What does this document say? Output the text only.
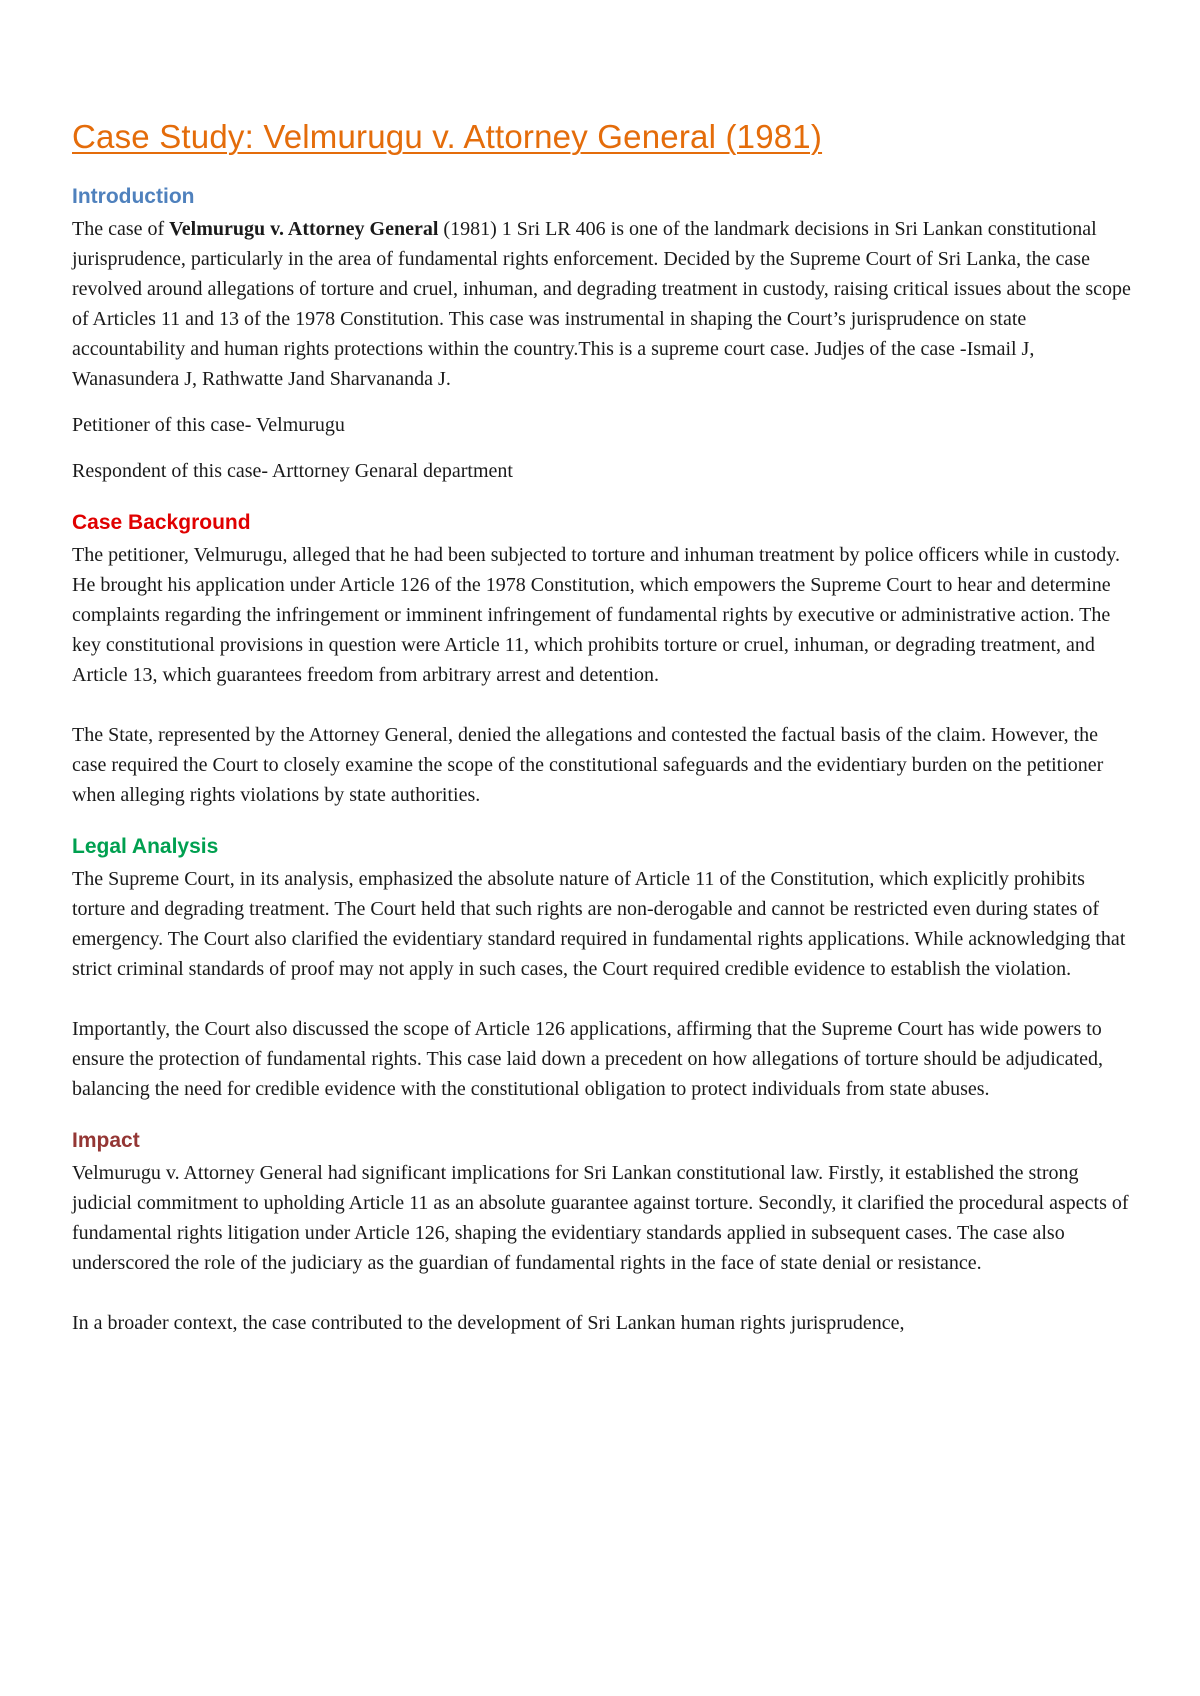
Case Study: Velmurugu v. Attorney General (1981)
Introduction

The case of Velmurugu v. Attorney General (1981) 1 Sri LR 406 is one of the landmark decisions in Sri Lankan constitutional jurisprudence, particularly in the area of fundamental rights enforcement. Decided by the Supreme Court of Sri Lanka, the case revolved around allegations of torture and cruel, inhuman, and degrading treatment in custody, raising critical issues about the scope of Articles 11 and 13 of the 1978 Constitution. This case was instrumental in shaping the Court’s jurisprudence on state accountability and human rights protections within the country.This is a supreme court case. Judjes of the case -Ismail J, Wanasundera J, Rathwatte Jand Sharvananda J.

Petitioner of this case- Velmurugu

Respondent of this case- Arttorney Genaral department

Case Background

The petitioner, Velmurugu, alleged that he had been subjected to torture and inhuman treatment by police officers while in custody. He brought his application under Article 126 of the 1978 Constitution, which empowers the Supreme Court to hear and determine complaints regarding the infringement or imminent infringement of fundamental rights by executive or administrative action. The key constitutional provisions in question were Article 11, which prohibits torture or cruel, inhuman, or degrading treatment, and Article 13, which guarantees freedom from arbitrary arrest and detention.

The State, represented by the Attorney General, denied the allegations and contested the factual basis of the claim. However, the case required the Court to closely examine the scope of the constitutional safeguards and the evidentiary burden on the petitioner when alleging rights violations by state authorities.

Legal Analysis

The Supreme Court, in its analysis, emphasized the absolute nature of Article 11 of the Constitution, which explicitly prohibits torture and degrading treatment. The Court held that such rights are non-derogable and cannot be restricted even during states of emergency. The Court also clarified the evidentiary standard required in fundamental rights applications. While acknowledging that strict criminal standards of proof may not apply in such cases, the Court required credible evidence to establish the violation.

Importantly, the Court also discussed the scope of Article 126 applications, affirming that the Supreme Court has wide powers to ensure the protection of fundamental rights. This case laid down a precedent on how allegations of torture should be adjudicated, balancing the need for credible evidence with the constitutional obligation to protect individuals from state abuses.

Impact

Velmurugu v. Attorney General had significant implications for Sri Lankan constitutional law. Firstly, it established the strong judicial commitment to upholding Article 11 as an absolute guarantee against torture. Secondly, it clarified the procedural aspects of fundamental rights litigation under Article 126, shaping the evidentiary standards applied in subsequent cases. The case also underscored the role of the judiciary as the guardian of fundamental rights in the face of state denial or resistance.

In a broader context, the case contributed to the development of Sri Lankan human rights jurisprudence,
